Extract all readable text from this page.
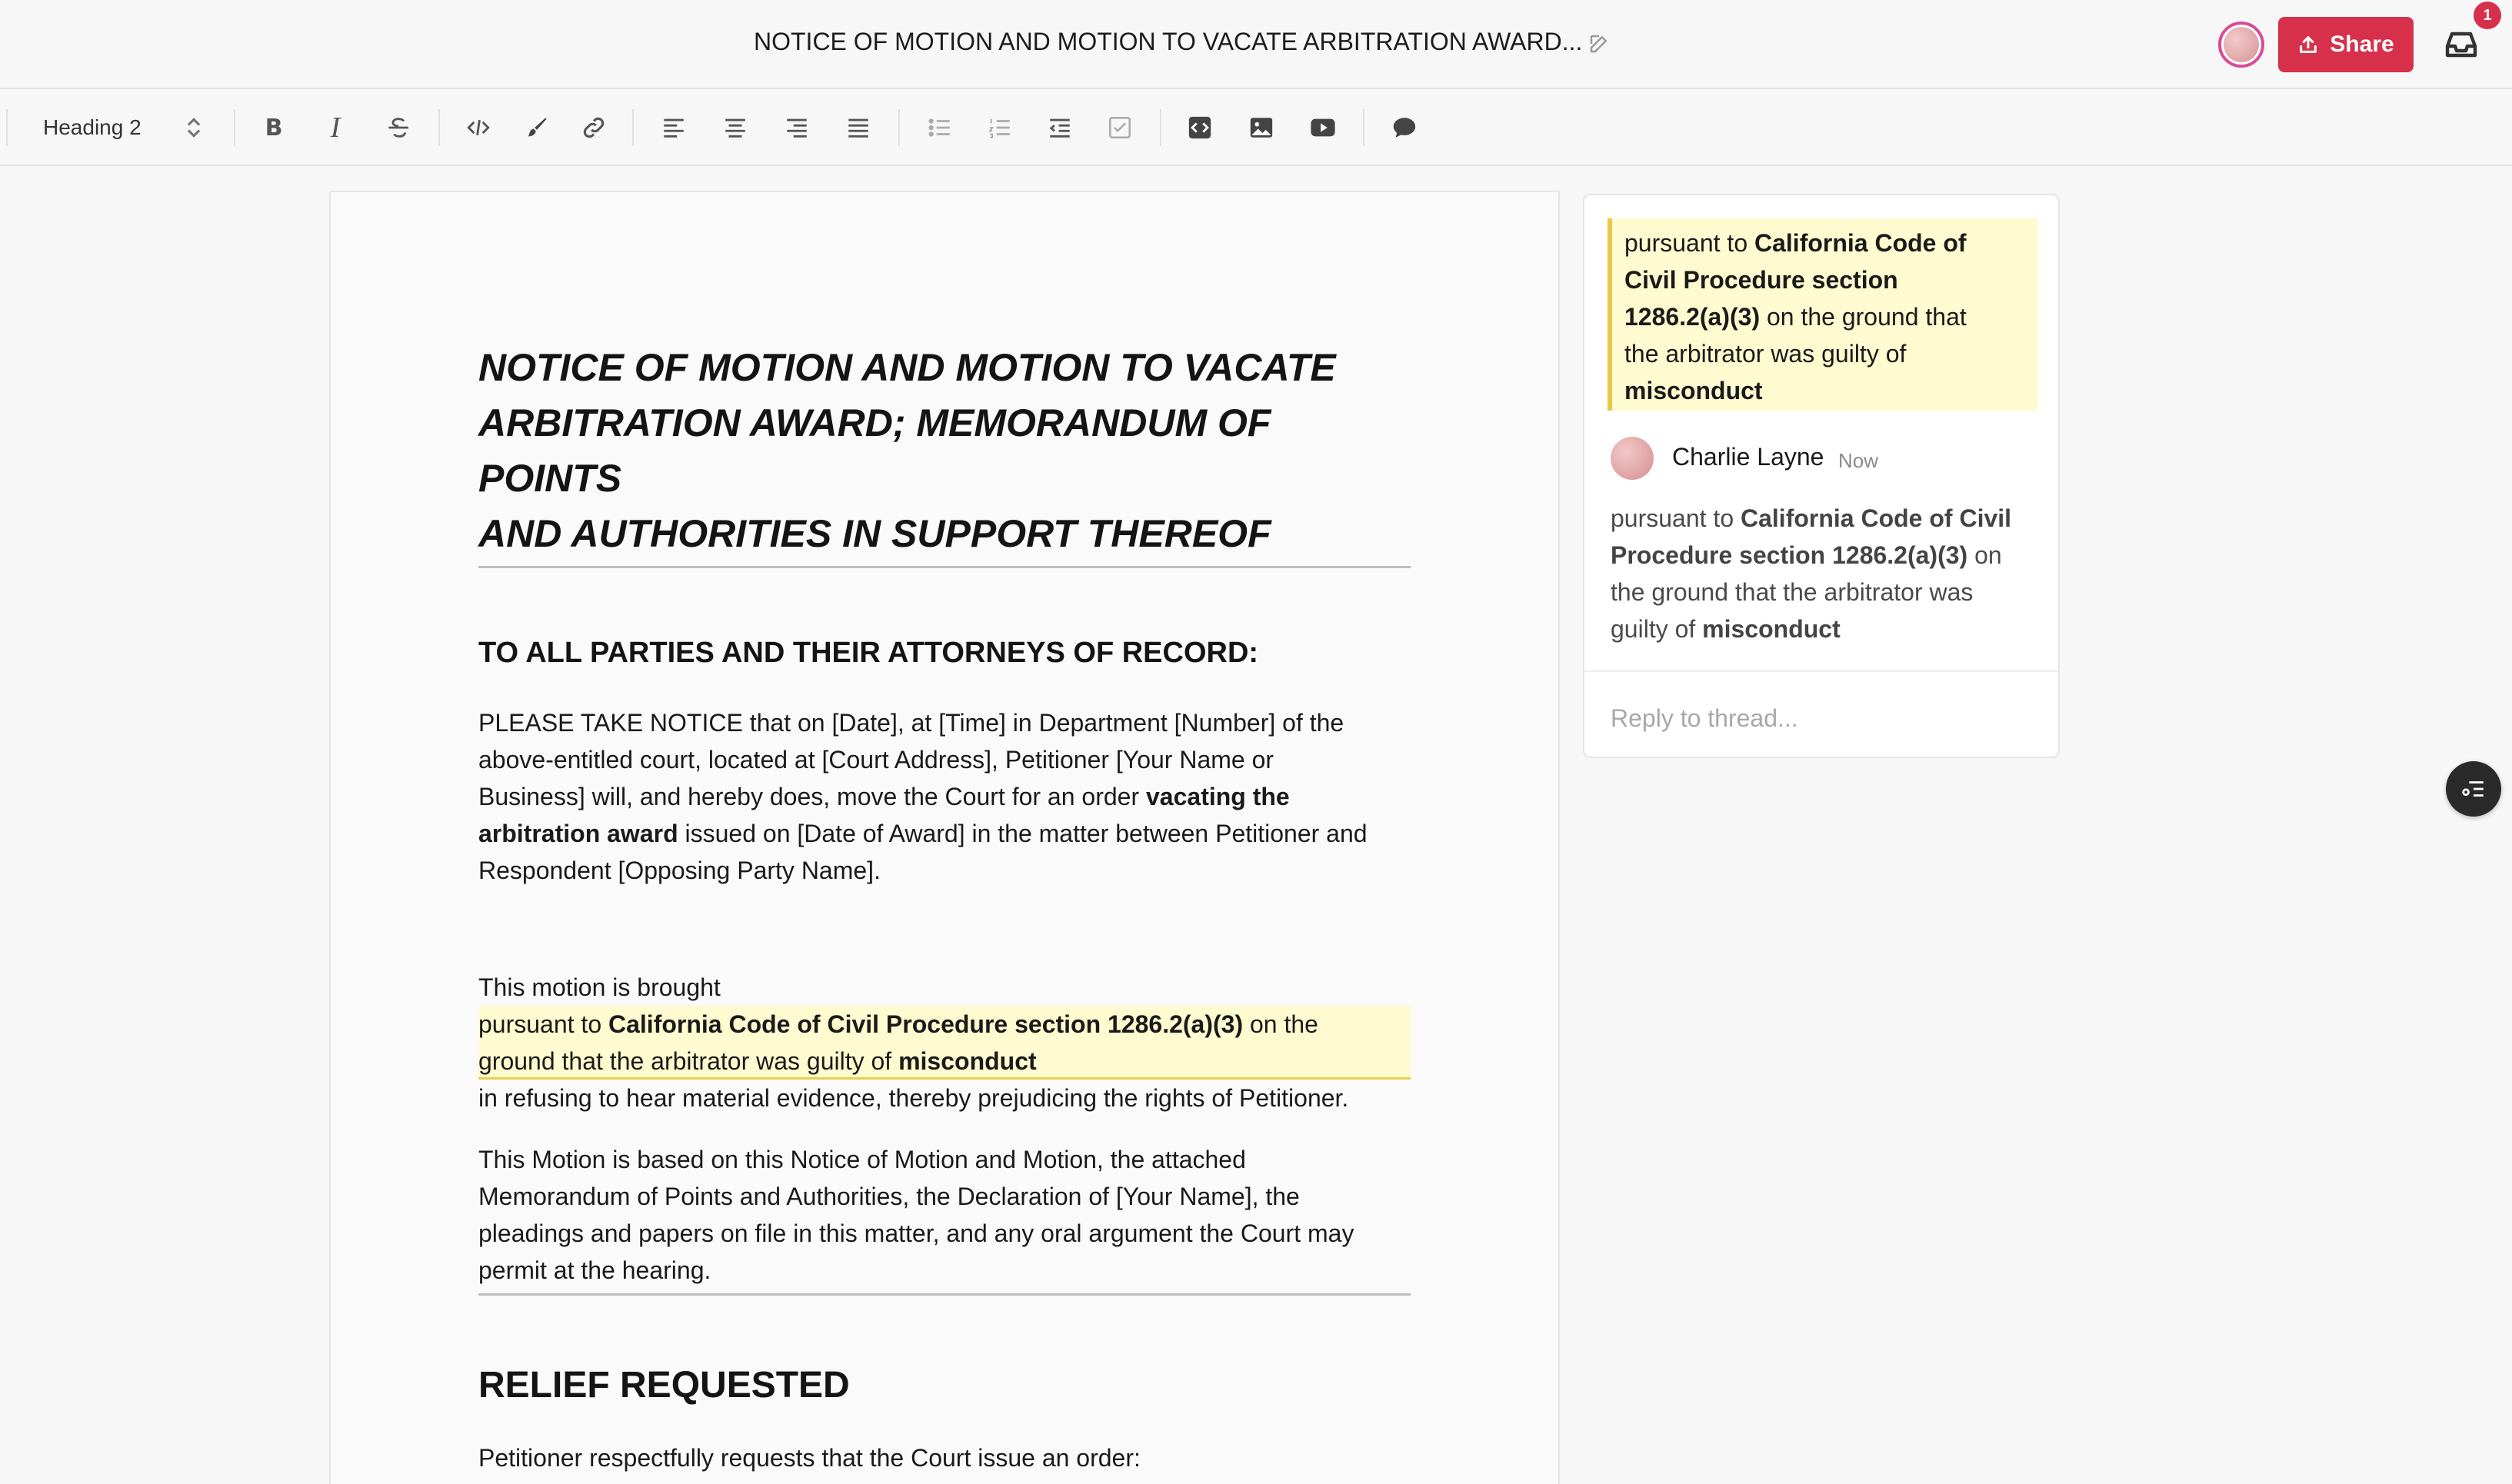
NOTICE OF MOTION AND MOTION TO VACATE ARBITRATION AWARD...	Share
1
Heading 2	B I
NOTICE OF MOTION AND MOTION TO VACATE
ARBITRATION AWARD; MEMORANDUM OF POINTS
AND AUTHORITIES IN SUPPORT THEREOF
TO ALL PARTIES AND THEIR ATTORNEYS OF RECORD:
PLEASE TAKE NOTICE that on [Date], at [Time] in Department [Number] of the
above-entitled court, located at [Court Address], Petitioner [Your Name or
Business] will, and hereby does, move the Court for an order vacating the
arbitration award issued on [Date of Award] in the matter between Petitioner and
Respondent [Opposing Party Name].
This motion is brought
pursuant to California Code of Civil Procedure section 1286.2(a)(3) on the
ground that the arbitrator was guilty of misconduct
in refusing to hear material evidence, thereby prejudicing the rights of Petitioner.
This Motion is based on this Notice of Motion and Motion, the attached
Memorandum of Points and Authorities, the Declaration of [Your Name], the
pleadings and papers on file in this matter, and any oral argument the Court may
permit at the hearing.
RELIEF REQUESTED
Petitioner respectfully requests that the Court issue an order:
pursuant to California Code of
Civil Procedure section
1286.2(a)(3) on the ground that
the arbitrator was guilty of
misconduct
Charlie Layne Now
pursuant to California Code of Civil
Procedure section 1286.2(a)(3) on
the ground that the arbitrator was
guilty of misconduct
Reply to thread...
